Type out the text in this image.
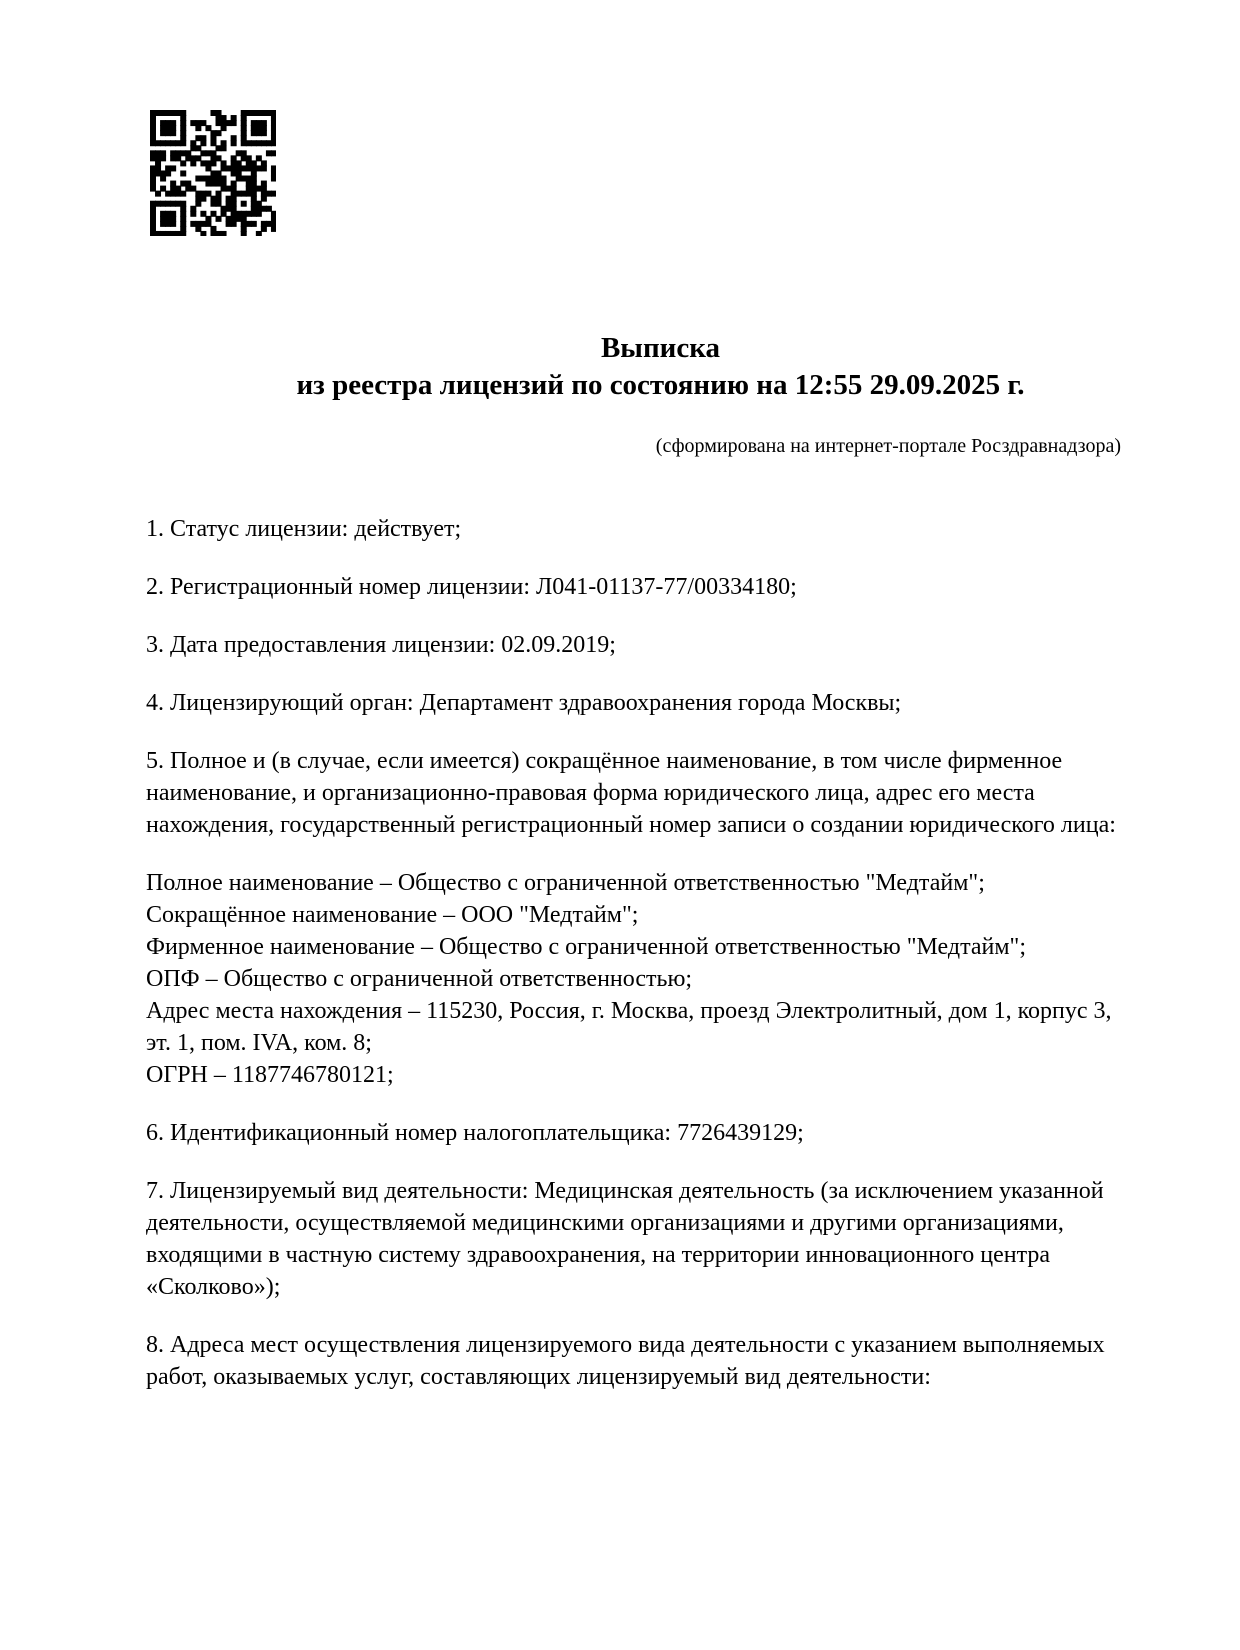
Выписка
из реестра лицензий по состоянию на 12:55 29.09.2025 г.
(сформирована на интернет-портале Росздравнадзора)
1. Статус лицензии: действует;
2. Регистрационный номер лицензии: Л041-01137-77/00334180;
3. Дата предоставления лицензии: 02.09.2019;
4. Лицензирующий орган: Департамент здравоохранения города Москвы;
5. Полное и (в случае, если имеется) сокращённое наименование, в том числе фирменное наименование, и организационно-правовая форма юридического лица, адрес его места нахождения, государственный регистрационный номер записи о создании юридического лица:
Полное наименование – Общество с ограниченной ответственностью "Медтайм";
Сокращённое наименование – ООО "Медтайм";
Фирменное наименование – Общество с ограниченной ответственностью "Медтайм";
ОПФ – Общество с ограниченной ответственностью;
Адрес места нахождения – 115230, Россия, г. Москва, проезд Электролитный, дом 1, корпус 3, эт. 1, пом. IVA, ком. 8;
ОГРН – 1187746780121;
6. Идентификационный номер налогоплательщика: 7726439129;
7. Лицензируемый вид деятельности: Медицинская деятельность (за исключением указанной деятельности, осуществляемой медицинскими организациями и другими организациями, входящими в частную систему здравоохранения, на территории инновационного центра «Сколково»);
8. Адреса мест осуществления лицензируемого вида деятельности с указанием выполняемых работ, оказываемых услуг, составляющих лицензируемый вид деятельности:
